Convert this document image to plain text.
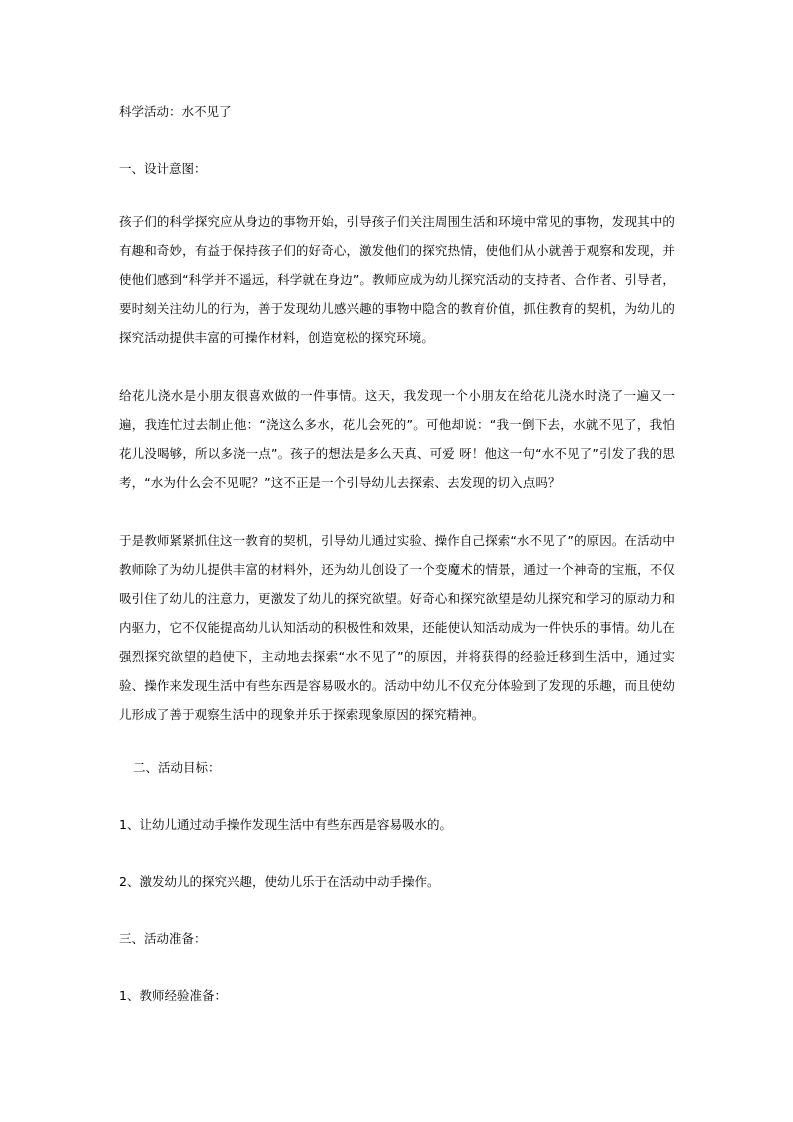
科学活动：水不见了

一、设计意图：

孩子们的科学探究应从身边的事物开始，引导孩子们关注周围生活和环境中常见的事物，发现其中的有趣和奇妙，有益于保持孩子们的好奇心，激发他们的探究热情，使他们从小就善于观察和发现，并使他们感到“科学并不遥远，科学就在身边”。教师应成为幼儿探究活动的支持者、合作者、引导者，要时刻关注幼儿的行为，善于发现幼儿感兴趣的事物中隐含的教育价值，抓住教育的契机，为幼儿的探究活动提供丰富的可操作材料，创造宽松的探究环境。

给花儿浇水是小朋友很喜欢做的一件事情。这天，我发现一个小朋友在给花儿浇水时浇了一遍又一遍，我连忙过去制止他：“浇这么多水，花儿会死的”。可他却说：“我一倒下去，水就不见了，我怕花儿没喝够，所以多浇一点”。孩子的想法是多么天真、可爱 呀！他这一句“水不见了”引发了我的思考，“水为什么会不见呢？”这不正是一个引导幼儿去探索、去发现的切入点吗？

于是教师紧紧抓住这一教育的契机，引导幼儿通过实验、操作自己探索“水不见了”的原因。在活动中教师除了为幼儿提供丰富的材料外，还为幼儿创设了一个变魔术的情景，通过一个神奇的宝瓶，不仅吸引住了幼儿的注意力，更激发了幼儿的探究欲望。好奇心和探究欲望是幼儿探究和学习的原动力和内驱力，它不仅能提高幼儿认知活动的积极性和效果，还能使认知活动成为一件快乐的事情。幼儿在强烈探究欲望的趋使下，主动地去探索“水不见了”的原因，并将获得的经验迁移到生活中，通过实验、操作来发现生活中有些东西是容易吸水的。活动中幼儿不仅充分体验到了发现的乐趣，而且使幼儿形成了善于观察生活中的现象并乐于探索现象原因的探究精神。

二、活动目标：

1、让幼儿通过动手操作发现生活中有些东西是容易吸水的。

2、激发幼儿的探究兴趣，使幼儿乐于在活动中动手操作。

三、活动准备：

1、教师经验准备：
